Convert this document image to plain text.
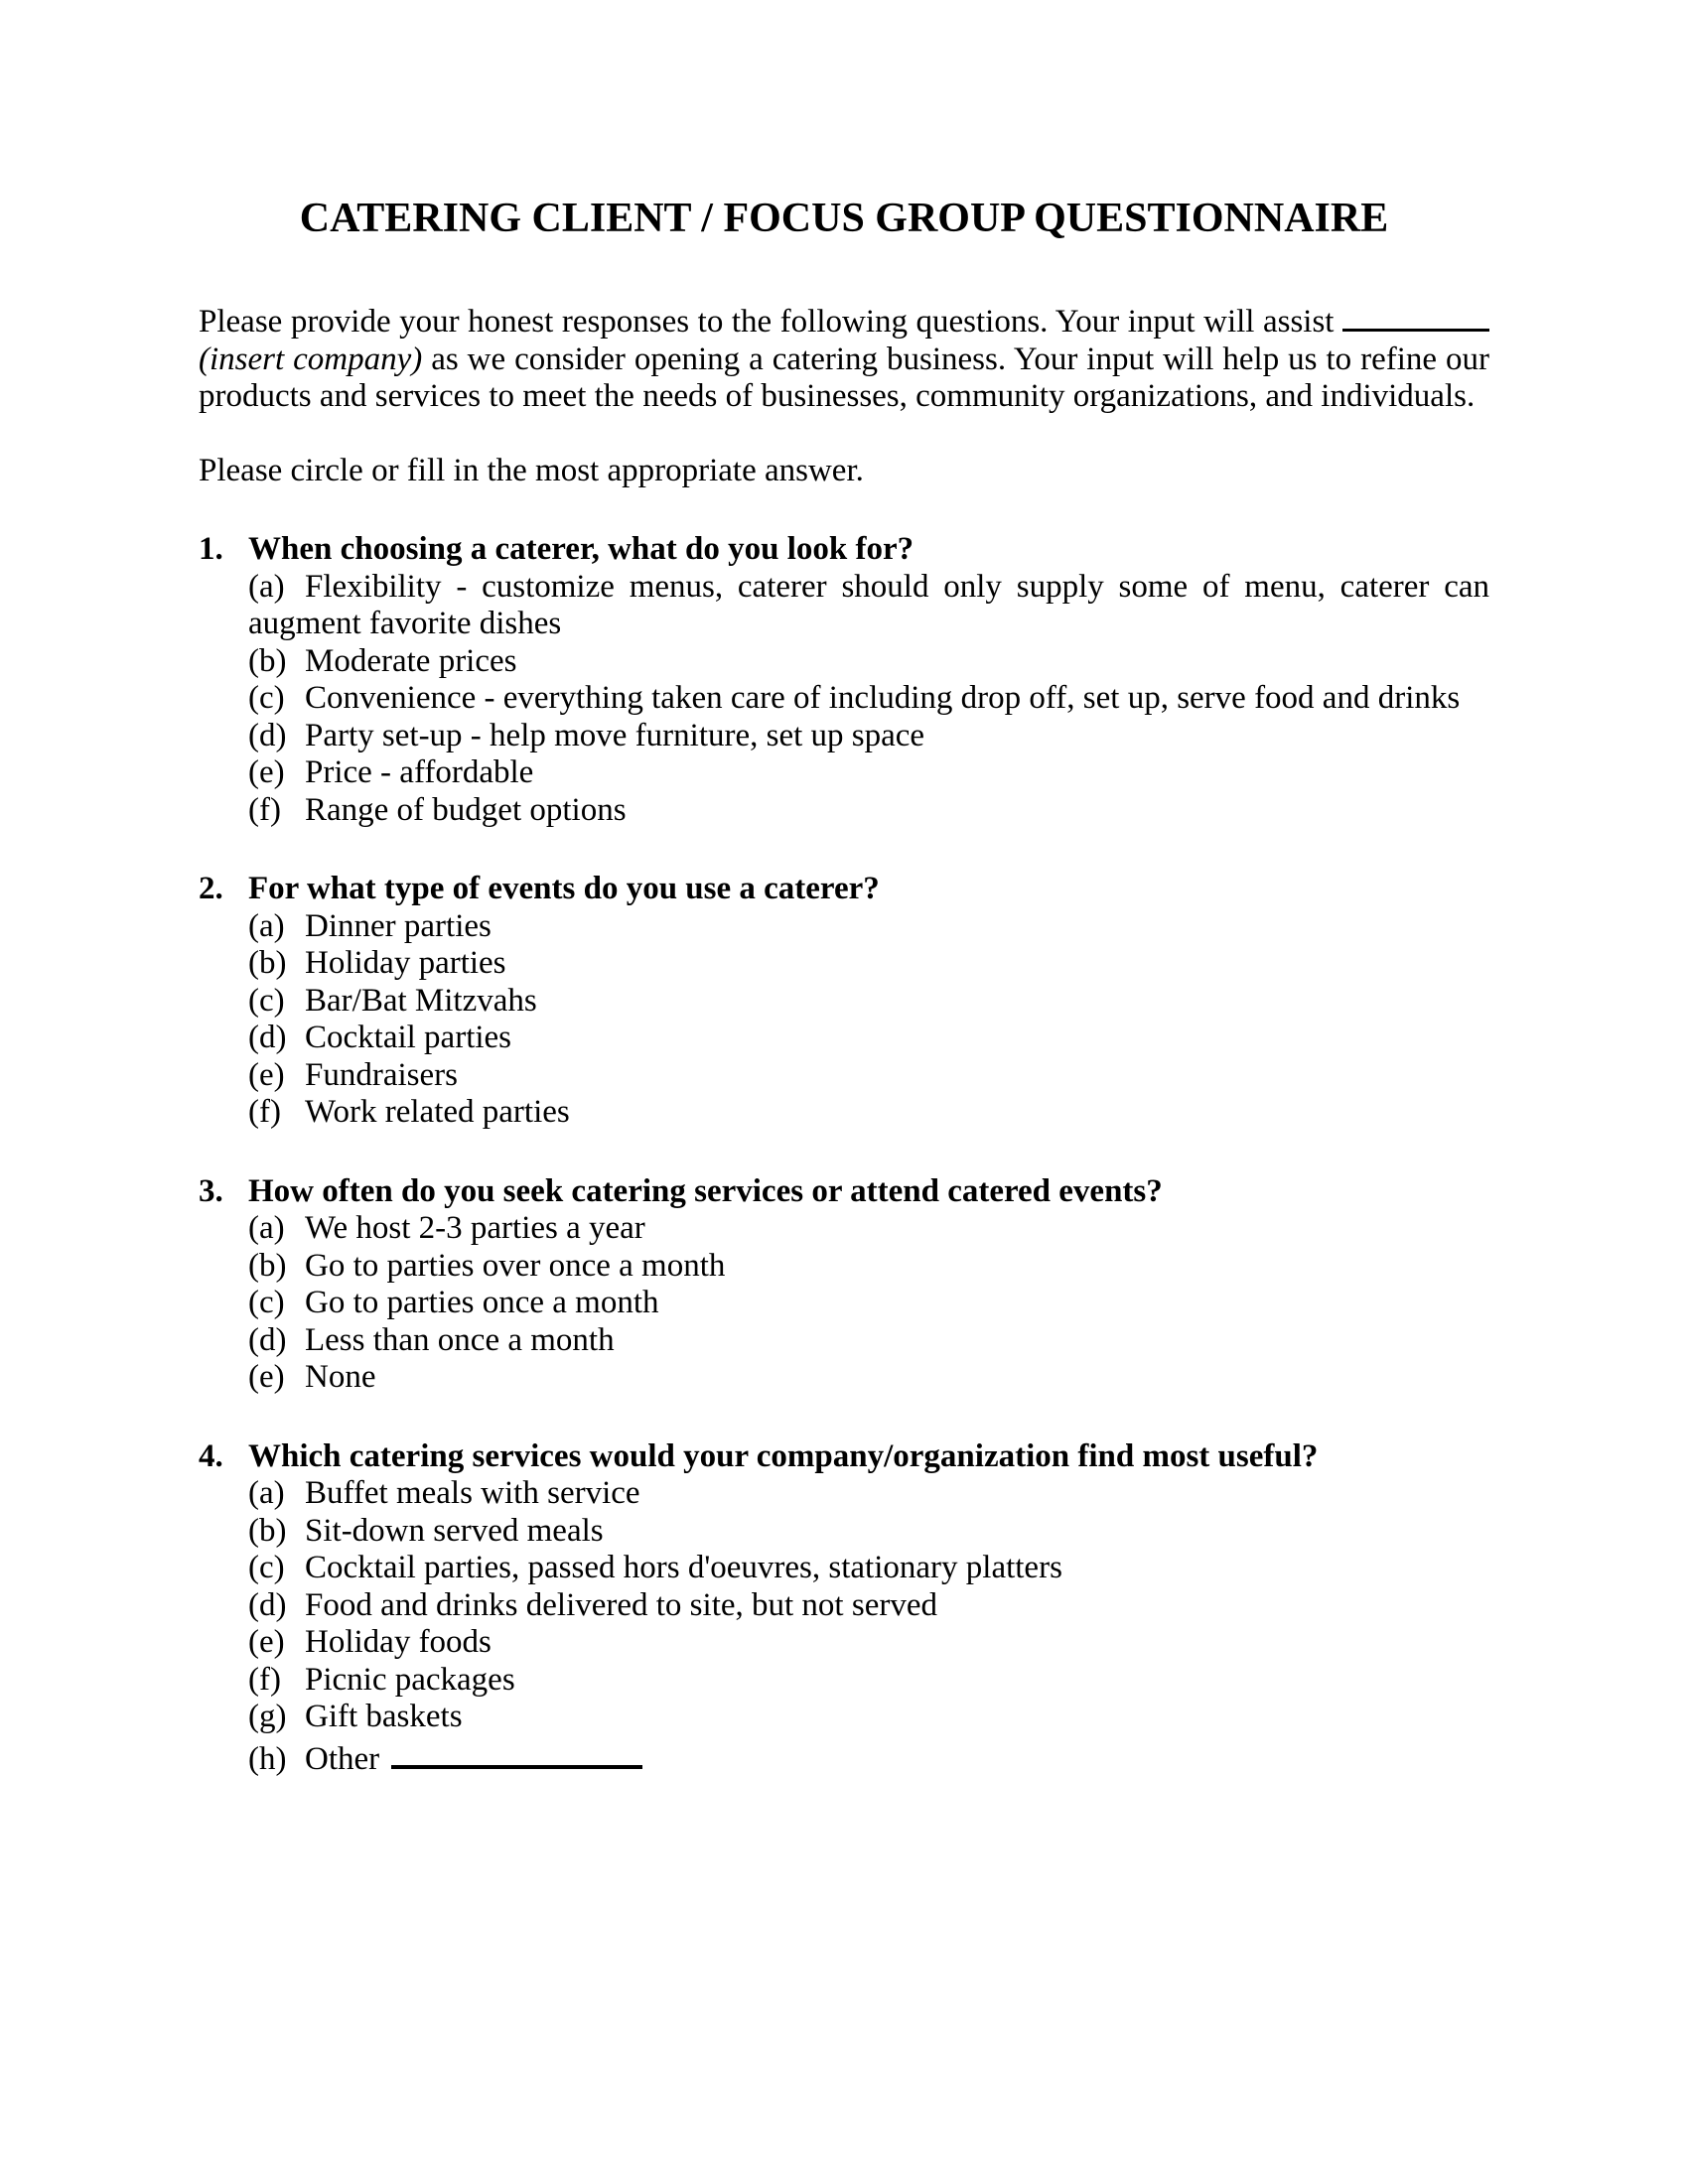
CATERING CLIENT / FOCUS GROUP QUESTIONNAIRE

Please provide your honest responses to the following questions. Your input will assist  (insert company) as we consider opening a catering business. Your input will help us to refine our products and services to meet the needs of businesses, community organizations, and individuals.

Please circle or fill in the most appropriate answer.

1. When choosing a caterer, what do you look for?

(a) Flexibility - customize menus, caterer should only supply some of menu, caterer can augment favorite dishes
(b) Moderate prices
(c) Convenience - everything taken care of including drop off, set up, serve food and drinks
(d) Party set-up - help move furniture, set up space
(e) Price - affordable
(f) Range of budget options

2. For what type of events do you use a caterer?

(a) Dinner parties
(b) Holiday parties
(c) Bar/Bat Mitzvahs
(d) Cocktail parties
(e) Fundraisers
(f) Work related parties

3. How often do you seek catering services or attend catered events?

(a) We host 2-3 parties a year
(b) Go to parties over once a month
(c) Go to parties once a month
(d) Less than once a month
(e) None

4. Which catering services would your company/organization find most useful?

(a) Buffet meals with service
(b) Sit-down served meals
(c) Cocktail parties, passed hors d'oeuvres, stationary platters
(d) Food and drinks delivered to site, but not served
(e) Holiday foods
(f) Picnic packages
(g) Gift baskets
(h) Other
